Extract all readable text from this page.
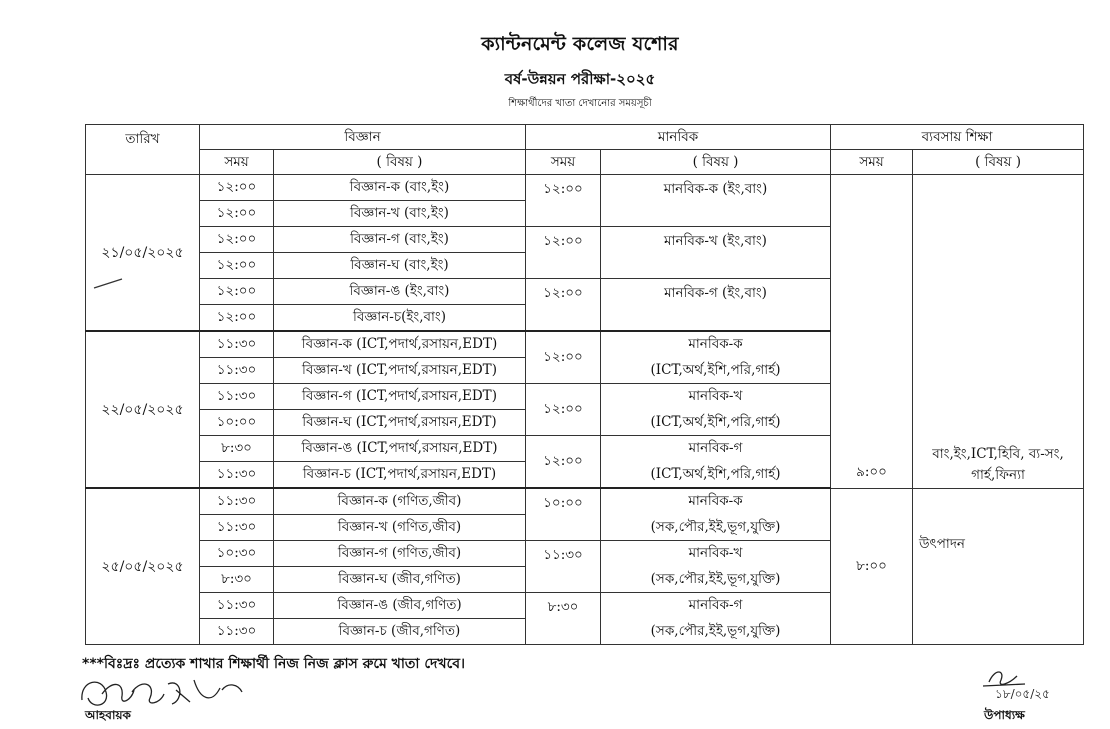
ক্যান্টনমেন্ট কলেজ যশোর
বর্ষ-উন্নয়ন পরীক্ষা-২০২৫
শিক্ষার্থীদের খাতা দেখানোর সময়সূচী
তারিখ	বিজ্ঞান		মানবিক		ব্যবসায় শিক্ষা	
	সময়	( বিষয় )	সময়	( বিষয় )	সময়	( বিষয় )
২১/০৫/২০২৫	১২:০০	বিজ্ঞান-ক (বাং,ইং)	১২:০০	মানবিক-ক (ইং,বাং)	৯:০০	বাং,ইং,ICT,হিবি, ব্য-সং, গার্হ,ফিন্যা
	১২:০০	বিজ্ঞান-খ (বাং,ইং)				
	১২:০০	বিজ্ঞান-গ (বাং,ইং)	১২:০০	মানবিক-খ (ইং,বাং)		
	১২:০০	বিজ্ঞান-ঘ (বাং,ইং)				
	১২:০০	বিজ্ঞান-ঙ (ইং,বাং)	১২:০০	মানবিক-গ (ইং,বাং)		
	১২:০০	বিজ্ঞান-চ(ইং,বাং)				
২২/০৫/২০২৫	১১:৩০	বিজ্ঞান-ক (ICT,পদার্থ,রসায়ন,EDT)	১২:০০	মানবিক-ক		
	১১:৩০	বিজ্ঞান-খ (ICT,পদার্থ,রসায়ন,EDT)		(ICT,অর্থ,ইশি,পরি,গার্হ)		
	১১:৩০	বিজ্ঞান-গ (ICT,পদার্থ,রসায়ন,EDT)	১২:০০	মানবিক-খ		
	১০:০০	বিজ্ঞান-ঘ (ICT,পদার্থ,রসায়ন,EDT)		(ICT,অর্থ,ইশি,পরি,গার্হ)		
	৮:৩০	বিজ্ঞান-ঙ (ICT,পদার্থ,রসায়ন,EDT)	১২:০০	মানবিক-গ		
	১১:৩০	বিজ্ঞান-চ (ICT,পদার্থ,রসায়ন,EDT)		(ICT,অর্থ,ইশি,পরি,গার্হ)		
২৫/০৫/২০২৫	১১:৩০	বিজ্ঞান-ক (গণিত,জীব)	১০:০০	মানবিক-ক	৮:০০	উৎপাদন
	১১:৩০	বিজ্ঞান-খ (গণিত,জীব)		(সক,পৌর,ইই,ভূগ,যুক্তি)		
	১০:৩০	বিজ্ঞান-গ (গণিত,জীব)	১১:৩০	মানবিক-খ		
	৮:৩০	বিজ্ঞান-ঘ (জীব,গণিত)		(সক,পৌর,ইই,ভূগ,যুক্তি)		
	১১:৩০	বিজ্ঞান-ঙ (জীব,গণিত)	৮:৩০	মানবিক-গ		
	১১:৩০	বিজ্ঞান-চ (জীব,গণিত)		(সক,পৌর,ইই,ভূগ,যুক্তি)		
***বিঃদ্রঃ প্রত্যেক শাখার শিক্ষার্থী নিজ নিজ ক্লাস রুমে খাতা দেখবে।
আহবায়ক
১৮/০৫/২৫
উপাধ্যক্ষ
